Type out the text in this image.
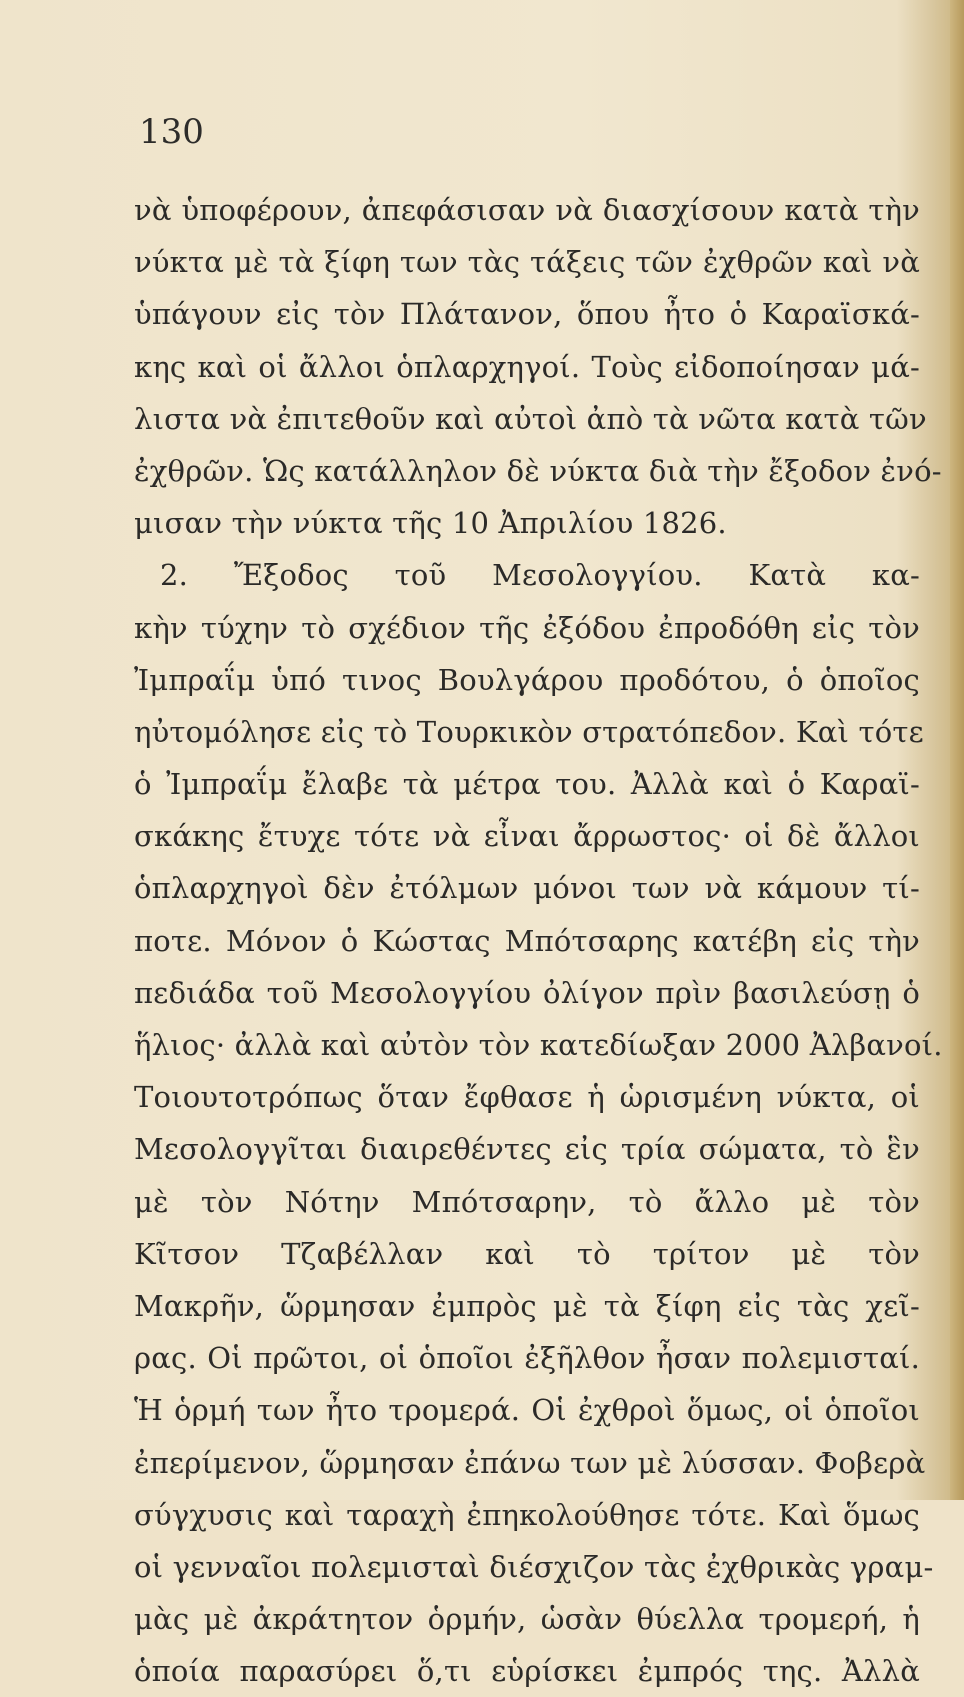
130
νὰ ὑποφέρουν, ἀπεφάσισαν νὰ διασχίσουν κατὰ τὴν
νύκτα μὲ τὰ ξίφη των τὰς τάξεις τῶν ἐχθρῶν καὶ νὰ
ὑπάγουν εἰς τὸν Πλάτανον, ὅπου ἦτο ὁ Καραϊσκά-
κης καὶ οἱ ἄλλοι ὁπλαρχηγοί. Τοὺς εἰδοποίησαν μά-
λιστα νὰ ἐπιτεθοῦν καὶ αὐτοὶ ἀπὸ τὰ νῶτα κατὰ τῶν
ἐχθρῶν. Ὡς κατάλληλον δὲ νύκτα διὰ τὴν ἔξοδον ἐνό-
μισαν τὴν νύκτα τῆς 10 Ἀπριλίου 1826.
2. Ἔξοδος τοῦ Μεσολογγίου. Κατὰ κα-
κὴν τύχην τὸ σχέδιον τῆς ἐξόδου ἐπροδόθη εἰς τὸν
Ἰμπραΐμ ὑπό τινος Βουλγάρου προδότου, ὁ ὁποῖος
ηὐτομόλησε εἰς τὸ Τουρκικὸν στρατόπεδον. Καὶ τότε
ὁ Ἰμπραΐμ ἔλαβε τὰ μέτρα του. Ἀλλὰ καὶ ὁ Καραϊ-
σκάκης ἔτυχε τότε νὰ εἶναι ἄρρωστος· οἱ δὲ ἄλλοι
ὁπλαρχηγοὶ δὲν ἐτόλμων μόνοι των νὰ κάμουν τί-
ποτε. Μόνον ὁ Κώστας Μπότσαρης κατέβη εἰς τὴν
πεδιάδα τοῦ Μεσολογγίου ὀλίγον πρὶν βασιλεύσῃ ὁ
ἥλιος· ἀλλὰ καὶ αὐτὸν τὸν κατεδίωξαν 2000 Ἀλβανοί.
Τοιουτοτρόπως ὅταν ἔφθασε ἡ ὡρισμένη νύκτα, οἱ
Μεσολογγῖται διαιρεθέντες εἰς τρία σώματα, τὸ ἓν
μὲ τὸν Νότην Μπότσαρην, τὸ ἄλλο μὲ τὸν
Κῖτσον Τζαβέλλαν καὶ τὸ τρίτον μὲ τὸν
Μακρῆν, ὥρμησαν ἐμπρὸς μὲ τὰ ξίφη εἰς τὰς χεῖ-
ρας. Οἱ πρῶτοι, οἱ ὁποῖοι ἐξῆλθον ἦσαν πολεμισταί.
Ἡ ὁρμή των ἦτο τρομερά. Οἱ ἐχθροὶ ὅμως, οἱ ὁποῖοι
ἐπερίμενον, ὥρμησαν ἐπάνω των μὲ λύσσαν. Φοβερὰ
σύγχυσις καὶ ταραχὴ ἐπηκολούθησε τότε. Καὶ ὅμως
οἱ γενναῖοι πολεμισταὶ διέσχιζον τὰς ἐχθρικὰς γραμ-
μὰς μὲ ἀκράτητον ὁρμήν, ὡσὰν θύελλα τρομερή, ἡ
ὁποία παρασύρει ὅ,τι εὑρίσκει ἐμπρός της. Ἀλλὰ
